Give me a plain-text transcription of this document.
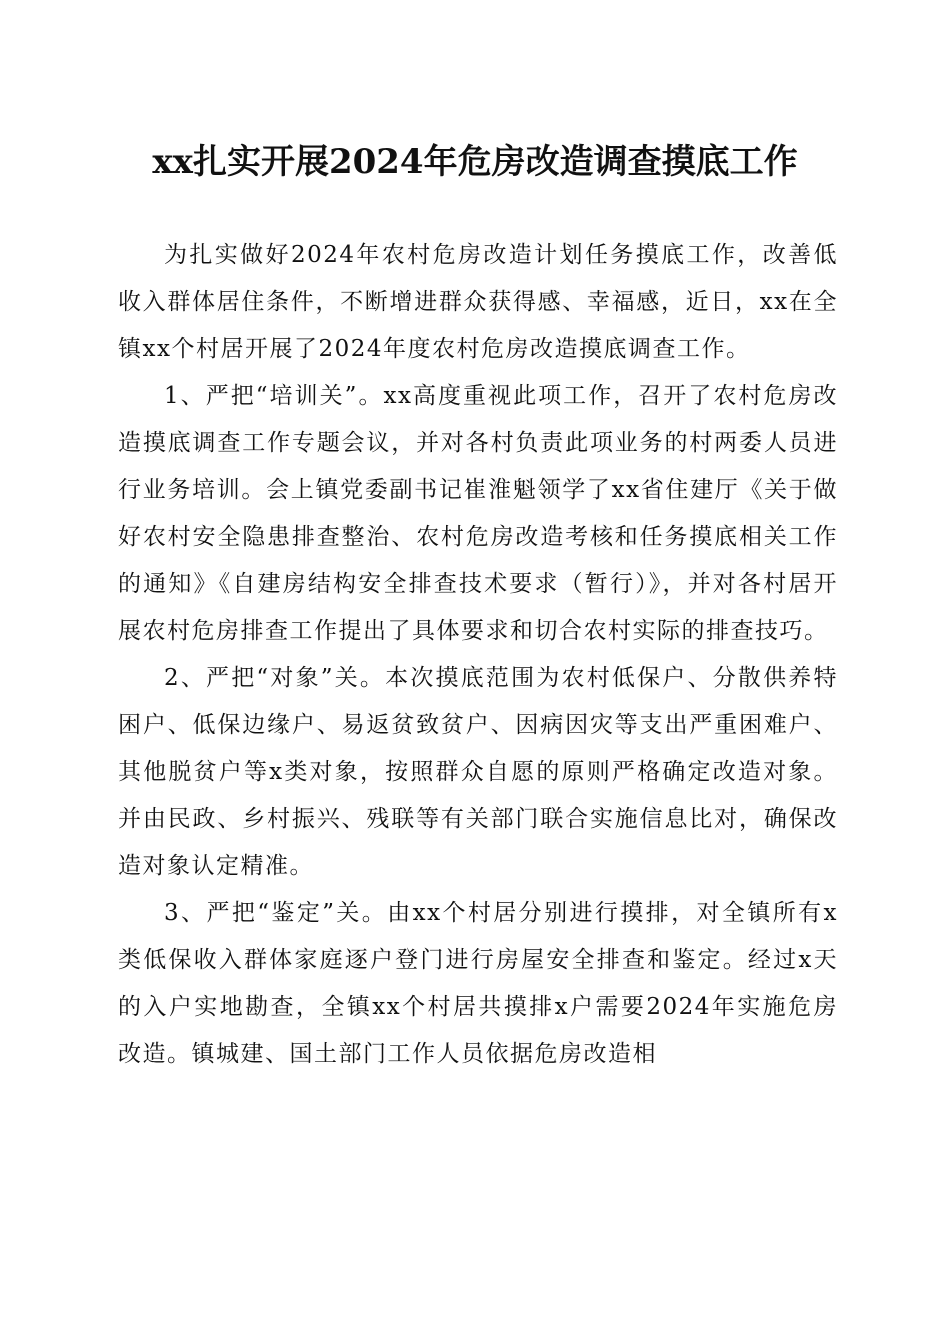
xx扎实开展2024年危房改造调查摸底工作

为扎实做好2024年农村危房改造计划任务摸底工作，改善低收入群体居住条件，不断增进群众获得感、幸福感，近日，xx在全镇xx个村居开展了2024年度农村危房改造摸底调查工作。

1、严把“培训关”。xx高度重视此项工作，召开了农村危房改造摸底调查工作专题会议，并对各村负责此项业务的村两委人员进行业务培训。会上镇党委副书记崔淮魁领学了xx省住建厅《关于做好农村安全隐患排查整治、农村危房改造考核和任务摸底相关工作的通知》《自建房结构安全排查技术要求（暂行）》，并对各村居开展农村危房排查工作提出了具体要求和切合农村实际的排查技巧。

2、严把“对象”关。本次摸底范围为农村低保户、分散供养特困户、低保边缘户、易返贫致贫户、因病因灾等支出严重困难户、其他脱贫户等x类对象，按照群众自愿的原则严格确定改造对象。并由民政、乡村振兴、残联等有关部门联合实施信息比对，确保改造对象认定精准。

3、严把“鉴定”关。由xx个村居分别进行摸排，对全镇所有x类低保收入群体家庭逐户登门进行房屋安全排查和鉴定。经过x天的入户实地勘查，全镇xx个村居共摸排x户需要2024年实施危房改造。镇城建、国土部门工作人员依据危房改造相
